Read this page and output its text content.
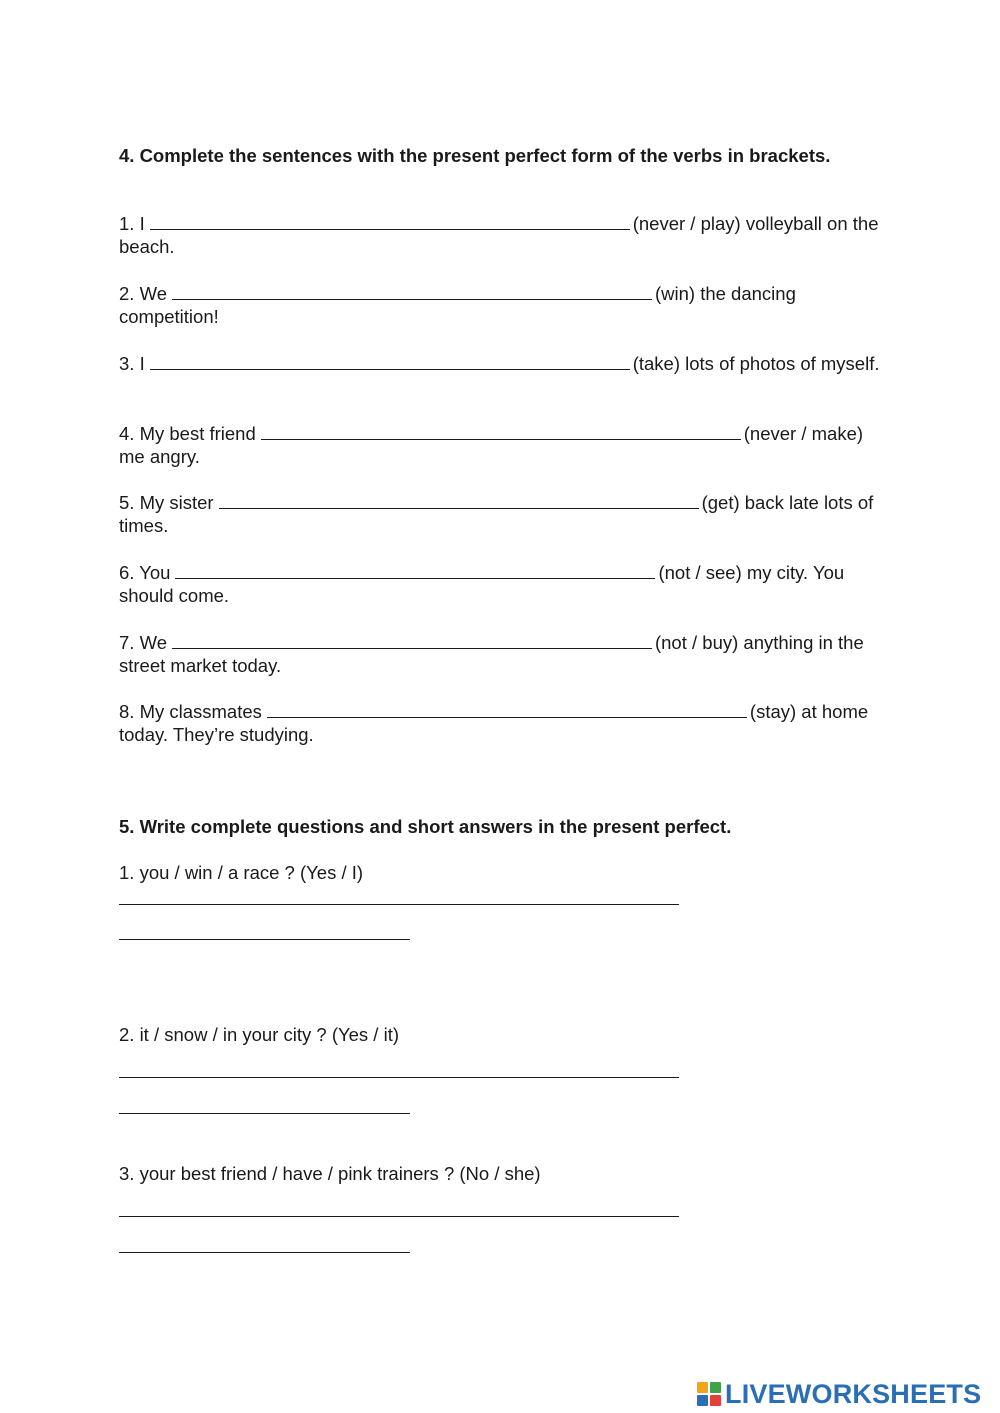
4. Complete the sentences with the present perfect form of the verbs in brackets.
1. I	(never / play) volleyball on the beach.
2. We	(win) the dancing competition!
3. I	(take) lots of photos of myself.
4. My best friend	(never / make) me angry.
5. My sister	(get) back late lots of times.
6. You	(not / see) my city. You should come.
7. We	(not / buy) anything in the street market today.
8. My classmates	(stay) at home today. They’re studying.
5. Write complete questions and short answers in the present perfect.
1. you / win / a race ? (Yes / I)
2. it / snow / in your city ? (Yes / it)
3. your best friend / have / pink trainers ? (No / she)
LIVEWORKSHEETS
